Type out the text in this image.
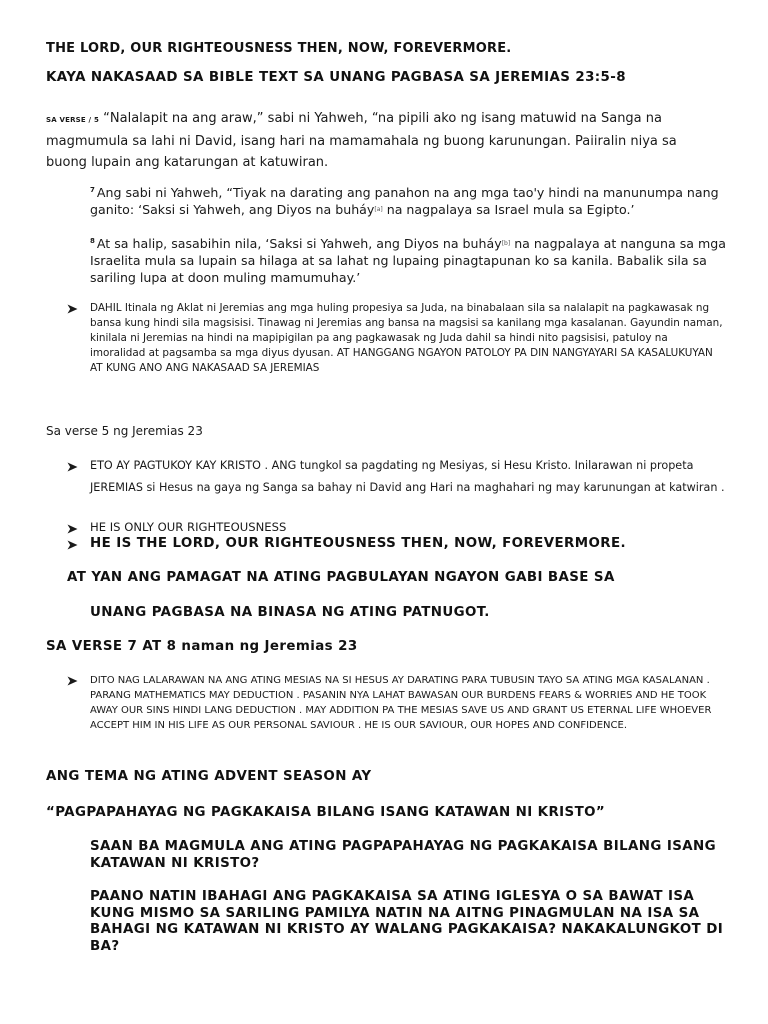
THE LORD, OUR RIGHTEOUSNESS THEN, NOW, FOREVERMORE.
KAYA NAKASAAD SA BIBLE TEXT SA UNANG PAGBASA SA JEREMIAS 23:5-8
SA VERSE / 5 “Nalalapit na ang araw,” sabi ni Yahweh, “na pipili ako ng isang matuwid na Sanga na magmumula sa lahi ni David, isang hari na mamamahala ng buong karunungan. Paiiralin niya sa buong lupain ang katarungan at katuwiran.
$^7$ Ang sabi ni Yahweh, “Tiyak na darating ang panahon na ang mga tao'y hindi na manunumpa nang ganito: ‘Saksi si Yahweh, ang Diyos na buháy[a] na nagpalaya sa Israel mula sa Egipto.’
$^8$ At sa halip, sasabihin nila, ‘Saksi si Yahweh, ang Diyos na buháy[b] na nagpalaya at nanguna sa mga Israelita mula sa lupain sa hilaga at sa lahat ng lupaing pinagtapunan ko sa kanila. Babalik sila sa sariling lupa at doon muling mamumuhay.’
DAHIL Itinala ng Aklat ni Jeremias ang mga huling propesiya sa Juda, na binabalaan sila sa nalalapit na pagkawasak ng bansa kung hindi sila magsisisi. Tinawag ni Jeremias ang bansa na magsisi sa kanilang mga kasalanan. Gayundin naman, kinilala ni Jeremias na hindi na mapipigilan pa ang pagkawasak ng Juda dahil sa hindi nito pagsisisi, patuloy na imoralidad at pagsamba sa mga diyus dyusan. AT HANGGANG NGAYON PATOLOY PA DIN NANGYAYARI SA KASALUKUYAN AT KUNG ANO ANG NAKASAAD SA JEREMIAS
Sa verse 5 ng Jeremias 23
ETO AY PAGTUKOY KAY KRISTO . ANG tungkol sa pagdating ng Mesiyas, si Hesu Kristo. Inilarawan ni propeta JEREMIAS si Hesus na gaya ng Sanga sa bahay ni David ang Hari na maghahari ng may karunungan at katwiran .
HE IS ONLY OUR RIGHTEOUSNESS
HE IS THE LORD, OUR RIGHTEOUSNESS THEN, NOW, FOREVERMORE.
AT YAN ANG PAMAGAT NA ATING PAGBULAYAN NGAYON GABI BASE SA
UNANG PAGBASA NA BINASA NG ATING PATNUGOT.
SA VERSE 7 AT 8 naman ng Jeremias 23
DITO NAG LALARAWAN NA ANG ATING MESIAS NA SI HESUS AY DARATING PARA TUBUSIN TAYO SA ATING MGA KASALANAN . PARANG MATHEMATICS MAY DEDUCTION . PASANIN NYA LAHAT BAWASAN OUR BURDENS FEARS & WORRIES AND HE TOOK AWAY OUR SINS HINDI LANG DEDUCTION . MAY ADDITION PA THE MESIAS SAVE US AND GRANT US ETERNAL LIFE WHOEVER ACCEPT HIM IN HIS LIFE AS OUR PERSONAL SAVIOUR . HE IS OUR SAVIOUR, OUR HOPES AND CONFIDENCE.
ANG TEMA NG ATING ADVENT SEASON AY
“PAGPAPAHAYAG NG PAGKAKAISA BILANG ISANG KATAWAN NI KRISTO”
SAAN BA MAGMULA ANG ATING PAGPAPAHAYAG NG PAGKAKAISA BILANG ISANG KATAWAN NI KRISTO?
PAANO NATIN IBAHAGI ANG PAGKAKAISA SA ATING IGLESYA O SA BAWAT ISA KUNG MISMO SA SARILING PAMILYA NATIN NA AITNG PINAGMULAN NA ISA SA BAHAGI NG KATAWAN NI KRISTO AY WALANG PAGKAKAISA? NAKAKALUNGKOT DI BA?
